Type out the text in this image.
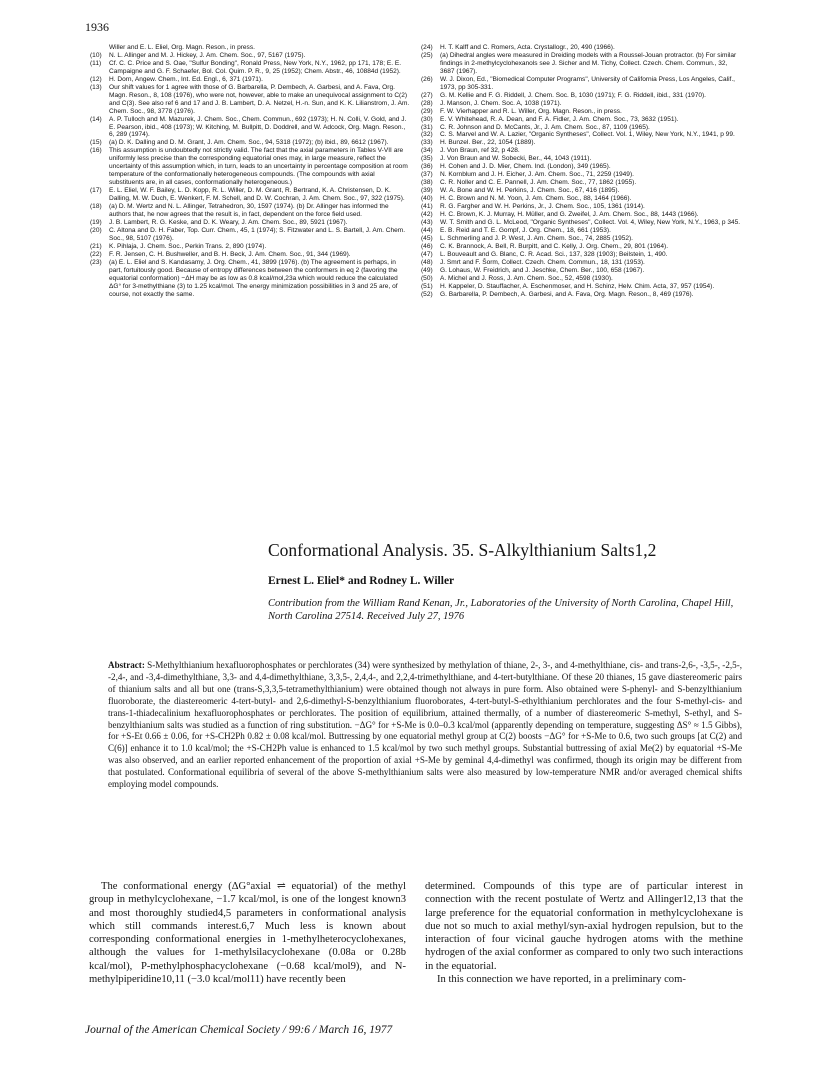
1936
Willer and E. L. Eliel, Org. Magn. Reson., in press.
(10)	N. L. Allinger and M. J. Hickey, J. Am. Chem. Soc., 97, 5167 (1975).
(11)	Cf. C. C. Price and S. Oae, "Sulfur Bonding", Ronald Press, New York, N.Y., 1962, pp 171, 178; E. E. Campaigne and G. F. Schaefer, Bol. Col. Quim. P. R., 9, 25 (1952); Chem. Abstr., 46, 10884d (1952).
(12)	H. Dorn, Angew. Chem., Int. Ed. Engl., 6, 371 (1971).
(13)	Our shift values for 1 agree with those of G. Barbarella, P. Dembech, A. Garbesi, and A. Fava, Org. Magn. Reson., 8, 108 (1976), who were not, however, able to make an unequivocal assignment to C(2) and C(3). See also ref 6 and 17 and J. B. Lambert, D. A. Netzel, H.-n. Sun, and K. K. Lilianstrom, J. Am. Chem. Soc., 98, 3778 (1976).
(14)	A. P. Tulloch and M. Mazurek, J. Chem. Soc., Chem. Commun., 692 (1973); H. N. Colli, V. Gold, and J. E. Pearson, ibid., 408 (1973); W. Kitching, M. Bullpitt, D. Doddrell, and W. Adcock, Org. Magn. Reson., 6, 289 (1974).
(15)	(a) D. K. Dalling and D. M. Grant, J. Am. Chem. Soc., 94, 5318 (1972); (b) ibid., 89, 6612 (1967).
(16)	This assumption is undoubtedly not strictly valid. The fact that the axial parameters in Tables V-VII are uniformly less precise than the corresponding equatorial ones may, in large measure, reflect the uncertainty of this assumption which, in turn, leads to an uncertainty in percentage composition at room temperature of the conformationally heterogeneous compounds. (The compounds with axial substituents are, in all cases, conformationally heterogeneous.)
(17)	E. L. Eliel, W. F. Bailey, L. D. Kopp, R. L. Willer, D. M. Grant, R. Bertrand, K. A. Christensen, D. K. Dalling, M. W. Duch, E. Wenkert, F. M. Schell, and D. W. Cochran, J. Am. Chem. Soc., 97, 322 (1975).
(18)	(a) D. M. Wertz and N. L. Allinger, Tetrahedron, 30, 1597 (1974). (b) Dr. Allinger has informed the authors that, he now agrees that the result is, in fact, dependent on the force field used.
(19)	J. B. Lambert, R. G. Keske, and D. K. Weary, J. Am. Chem. Soc., 89, 5921 (1967).
(20)	C. Altona and D. H. Faber, Top. Curr. Chem., 45, 1 (1974); S. Fitzwater and L. S. Bartell, J. Am. Chem. Soc., 98, 5107 (1976).
(21)	K. Pihlaja, J. Chem. Soc., Perkin Trans. 2, 890 (1974).
(22)	F. R. Jensen, C. H. Bushweller, and B. H. Beck, J. Am. Chem. Soc., 91, 344 (1969).
(23)	(a) E. L. Eliel and S. Kandasamy, J. Org. Chem., 41, 3899 (1976). (b) The agreement is perhaps, in part, fortuitously good. Because of entropy differences between the conformers in eq 2 (favoring the equatorial conformation) −ΔH may be as low as 0.8 kcal/mol,23a which would reduce the calculated ΔG° for 3-methylthiane (3) to 1.25 kcal/mol. The energy minimization possibilities in 3 and 25 are, of course, not exactly the same.
(24)	H. T. Kalff and C. Romers, Acta. Crystallogr., 20, 490 (1966).
(25)	(a) Dihedral angles were measured in Dreiding models with a Roussel-Jouan protractor. (b) For similar findings in 2-methylcyclohexanols see J. Sicher and M. Tichy, Collect. Czech. Chem. Commun., 32, 3687 (1967).
(26)	W. J. Dixon, Ed., "Biomedical Computer Programs", University of California Press, Los Angeles, Calif., 1973, pp 305-331.
(27)	G. M. Kellie and F. G. Riddell, J. Chem. Soc. B, 1030 (1971); F. G. Riddell, ibid., 331 (1970).
(28)	J. Manson, J. Chem. Soc. A, 1038 (1971).
(29)	F. W. Vierhapper and R. L. Willer, Org. Magn. Reson., in press.
(30)	E. V. Whitehead, R. A. Dean, and F. A. Fidler, J. Am. Chem. Soc., 73, 3632 (1951).
(31)	C. R. Johnson and D. McCants, Jr., J. Am. Chem. Soc., 87, 1109 (1965).
(32)	C. S. Marvel and W. A. Lazier, "Organic Syntheses", Collect. Vol. 1, Wiley, New York, N.Y., 1941, p 99.
(33)	H. Bunzel. Ber., 22, 1054 (1889).
(34)	J. Von Braun, ref 32, p 428.
(35)	J. Von Braun and W. Sobecki, Ber., 44, 1043 (1911).
(36)	H. Cohen and J. D. Mier, Chem. Ind. (London), 349 (1965).
(37)	N. Kornblum and J. H. Eicher, J. Am. Chem. Soc., 71, 2259 (1949).
(38)	C. R. Noller and C. E. Pannell, J. Am. Chem. Soc., 77, 1862 (1955).
(39)	W. A. Bone and W. H. Perkins, J. Chem. Soc., 67, 416 (1895).
(40)	H. C. Brown and N. M. Yoon, J. Am. Chem. Soc., 88, 1464 (1966).
(41)	R. G. Fargher and W. H. Perkins, Jr., J. Chem. Soc., 105, 1361 (1914).
(42)	H. C. Brown, K. J. Murray, H. Müller, and G. Zweifel, J. Am. Chem. Soc., 88, 1443 (1966).
(43)	W. T. Smith and G. L. McLeod, "Organic Syntheses", Collect. Vol. 4, Wiley, New York, N.Y., 1963, p 345.
(44)	E. B. Reid and T. E. Gompf, J. Org. Chem., 18, 661 (1953).
(45)	L. Schmerling and J. P. West, J. Am. Chem. Soc., 74, 2885 (1952).
(46)	C. K. Brannock, A. Bell, R. Burpitt, and C. Kelly, J. Org. Chem., 29, 801 (1964).
(47)	L. Bouveault and G. Blanc, C. R. Acad. Sci., 137, 328 (1903); Beilstein, 1, 490.
(48)	J. Smrt and F. Šorm, Collect. Czech. Chem. Commun., 18, 131 (1953).
(49)	G. Lohaus, W. Freidrich, and J. Jeschke, Chem. Ber., 100, 658 (1967).
(50)	A. Michel and J. Ross, J. Am. Chem. Soc., 52, 4598 (1930).
(51)	H. Kappeler, D. Stauffacher, A. Eschenmoser, and H. Schinz, Helv. Chim. Acta, 37, 957 (1954).
(52)	G. Barbarella, P. Dembech, A. Garbesi, and A. Fava, Org. Magn. Reson., 8, 469 (1976).
Conformational Analysis. 35. S-Alkylthianium Salts1,2
Ernest L. Eliel* and Rodney L. Willer
Contribution from the William Rand Kenan, Jr., Laboratories of the University of North Carolina, Chapel Hill, North Carolina 27514. Received July 27, 1976
Abstract: S-Methylthianium hexafluorophosphates or perchlorates (34) were synthesized by methylation of thiane, 2-, 3-, and 4-methylthiane, cis- and trans-2,6-, -3,5-, -2,5-, -2,4-, and -3,4-dimethylthiane, 3,3- and 4,4-dimethylthiane, 3,3,5-, 2,4,4-, and 2,2,4-trimethylthiane, and 4-tert-butylthiane. Of these 20 thianes, 15 gave diastereomeric pairs of thianium salts and all but one (trans-S,3,3,5-tetramethylthianium) were obtained though not always in pure form. Also obtained were S-phenyl- and S-benzylthianium fluoroborate, the diastereomeric 4-tert-butyl- and 2,6-dimethyl-S-benzylthianium fluoroborates, 4-tert-butyl-S-ethylthianium perchlorates and the four S-methyl-cis- and trans-1-thiadecalinium hexafluorophosphates or perchlorates. The position of equilibrium, attained thermally, of a number of diastereomeric S-methyl, S-ethyl, and S-benzylthianium salts was studied as a function of ring substitution. −ΔG° for +S-Me is 0.0–0.3 kcal/mol (apparently depending on temperature, suggesting ΔS° ≈ 1.5 Gibbs), for +S-Et 0.66 ± 0.06, for +S-CH2Ph 0.82 ± 0.08 kcal/mol. Buttressing by one equatorial methyl group at C(2) boosts −ΔG° for +S-Me to 0.6, two such groups [at C(2) and C(6)] enhance it to 1.0 kcal/mol; the +S-CH2Ph value is enhanced to 1.5 kcal/mol by two such methyl groups. Substantial buttressing of axial Me(2) by equatorial +S-Me was also observed, and an earlier reported enhancement of the proportion of axial +S-Me by geminal 4,4-dimethyl was confirmed, though its origin may be different from that postulated. Conformational equilibria of several of the above S-methylthianium salts were also measured by low-temperature NMR and/or averaged chemical shifts employing model compounds.
The conformational energy (ΔG°axial ⇌ equatorial) of the methyl group in methylcyclohexane, −1.7 kcal/mol, is one of the longest known3 and most thoroughly studied4,5 parameters in conformational analysis which still commands interest.6,7 Much less is known about corresponding conformational energies in 1-methylheterocyclohexanes, although the values for 1-methylsilacyclohexane (0.08a or 0.28b kcal/mol), P-methylphosphacyclohexane (−0.68 kcal/mol9), and N-methylpiperidine10,11 (−3.0 kcal/mol11) have recently been

determined. Compounds of this type are of particular interest in connection with the recent postulate of Wertz and Allinger12,13 that the large preference for the equatorial conformation in methylcyclohexane is due not so much to axial methyl/syn-axial hydrogen repulsion, but to the interaction of four vicinal gauche hydrogen atoms with the methine hydrogen of the axial conformer as compared to only two such interactions in the equatorial.

In this connection we have reported, in a preliminary com-

Journal of the American Chemical Society / 99:6 / March 16, 1977
